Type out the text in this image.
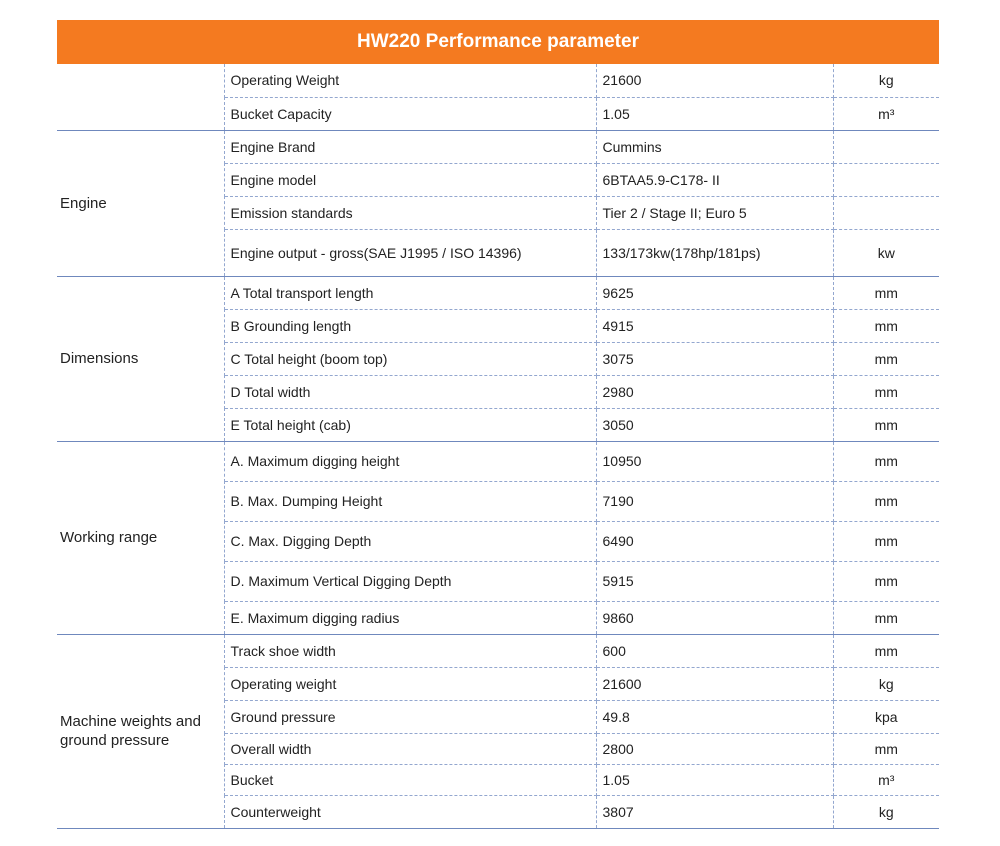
HW220 Performance parameter
	Operating Weight	21600	kg
	Bucket Capacity	1.05	m³
Engine	Engine Brand	Cummins	
	Engine model	6BTAA5.9-C178- II	
	Emission standards	Tier 2 / Stage II; Euro 5	
	Engine output - gross(SAE J1995 / ISO 14396)	133/173kw(178hp/181ps)	kw
Dimensions	A Total transport length	9625	mm
	B Grounding length	4915	mm
	C Total height (boom top)	3075	mm
	D Total width	2980	mm
	E Total height (cab)	3050	mm
Working range	A. Maximum digging height	10950	mm
	B. Max. Dumping Height	7190	mm
	C. Max. Digging Depth	6490	mm
	D. Maximum Vertical Digging Depth	5915	mm
	E. Maximum digging radius	9860	mm
Machine weights and ground pressure	Track shoe width	600	mm
	Operating weight	21600	kg
	Ground pressure	49.8	kpa
	Overall width	2800	mm
	Bucket	1.05	m³
	Counterweight	3807	kg
